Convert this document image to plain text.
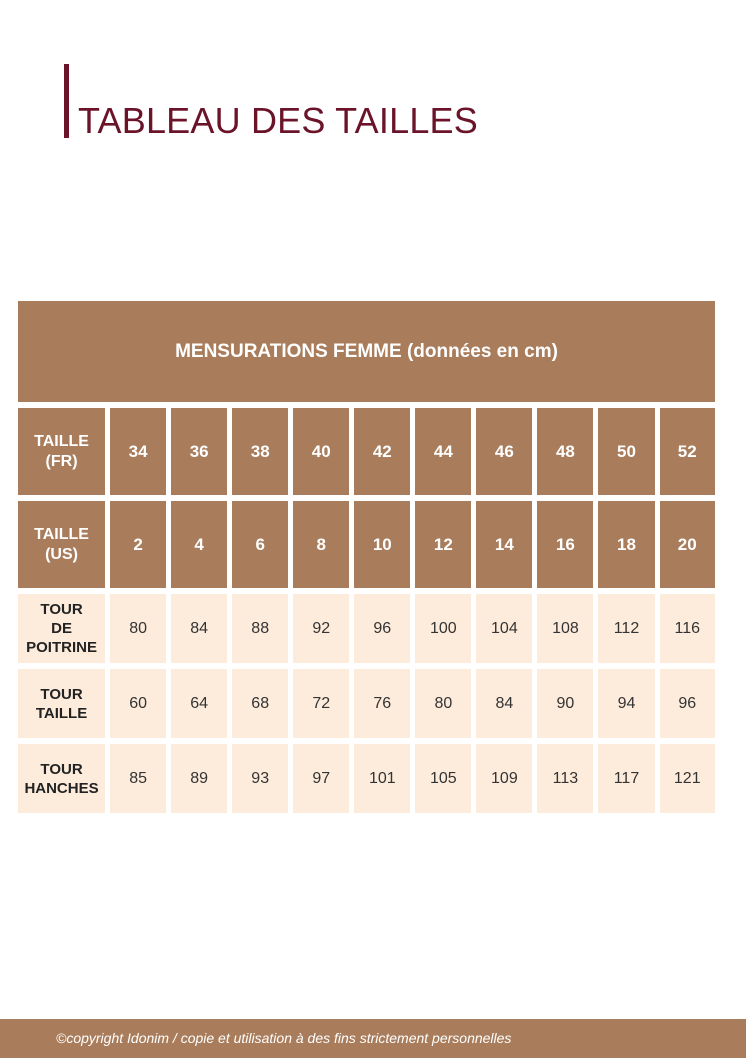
TABLEAU DES TAILLES
MENSURATIONS FEMME (données en cm)																				

TAILLE
(FR)		34		36		38		40		42		44		46		48		50		52

TAILLE
(US)		2		4		6		8		10		12		14		16		18		20

TOUR
DE
POITRINE		80		84		88		92		96		100		104		108		112		116

TOUR
TAILLE		60		64		68		72		76		80		84		90		94		96

TOUR
HANCHES		85		89		93		97		101		105		109		113		117		121
©copyright Idonim / copie et utilisation à des fins strictement personnelles
